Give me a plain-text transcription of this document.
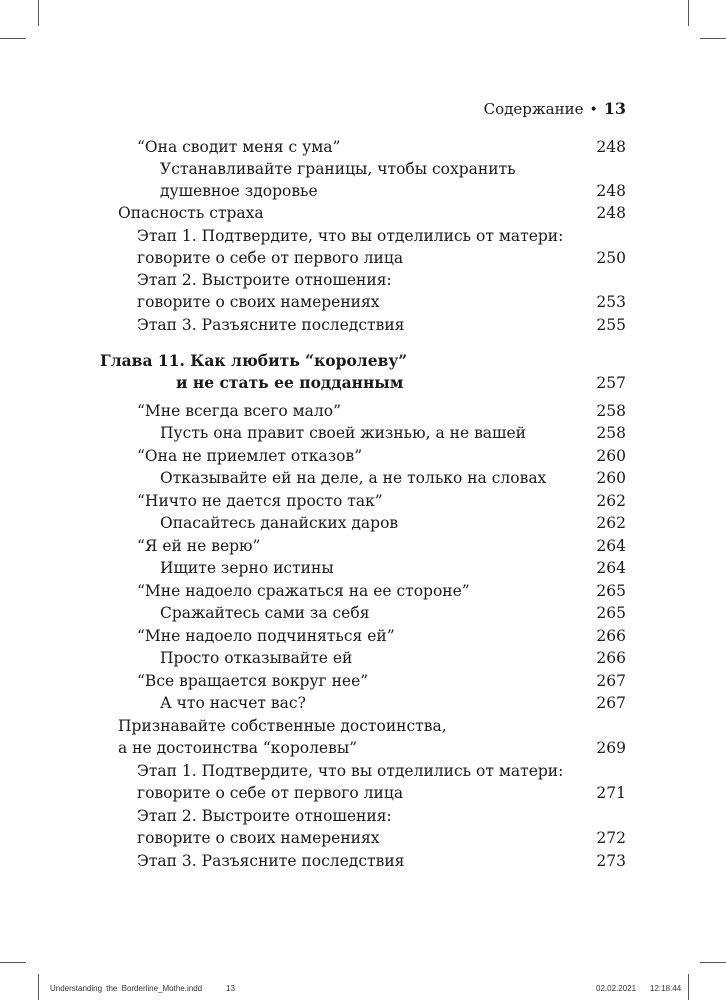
Содержание • 13
“Она сводит меня с ума”	248
Устанавливайте границы, чтобы сохранить
душевное здоровье	248
Опасность страха	248
Этап 1. Подтвердите, что вы отделились от матери:
говорите о себе от первого лица	250
Этап 2. Выстроите отношения:
говорите о своих намерениях	253
Этап 3. Разъясните последствия	255
Глава 11. Как любить “королеву”
и не стать ее подданным	257
“Мне всегда всего мало”	258
Пусть она правит своей жизнью, а не вашей	258
“Она не приемлет отказов”	260
Отказывайте ей на деле, а не только на словах	260
“Ничто не дается просто так”	262
Опасайтесь данайских даров	262
“Я ей не верю”	264
Ищите зерно истины	264
“Мне надоело сражаться на ее стороне”	265
Сражайтесь сами за себя	265
“Мне надоело подчиняться ей”	266
Просто отказывайте ей	266
“Все вращается вокруг нее”	267
А что насчет вас?	267
Признавайте собственные достоинства,
а не достоинства “королевы”	269
Этап 1. Подтвердите, что вы отделились от матери:
говорите о себе от первого лица	271
Этап 2. Выстроите отношения:
говорите о своих намерениях	272
Этап 3. Разъясните последствия	273
Understanding the Borderline_Mothe.indd	13	02.02.2021 12:18:44
